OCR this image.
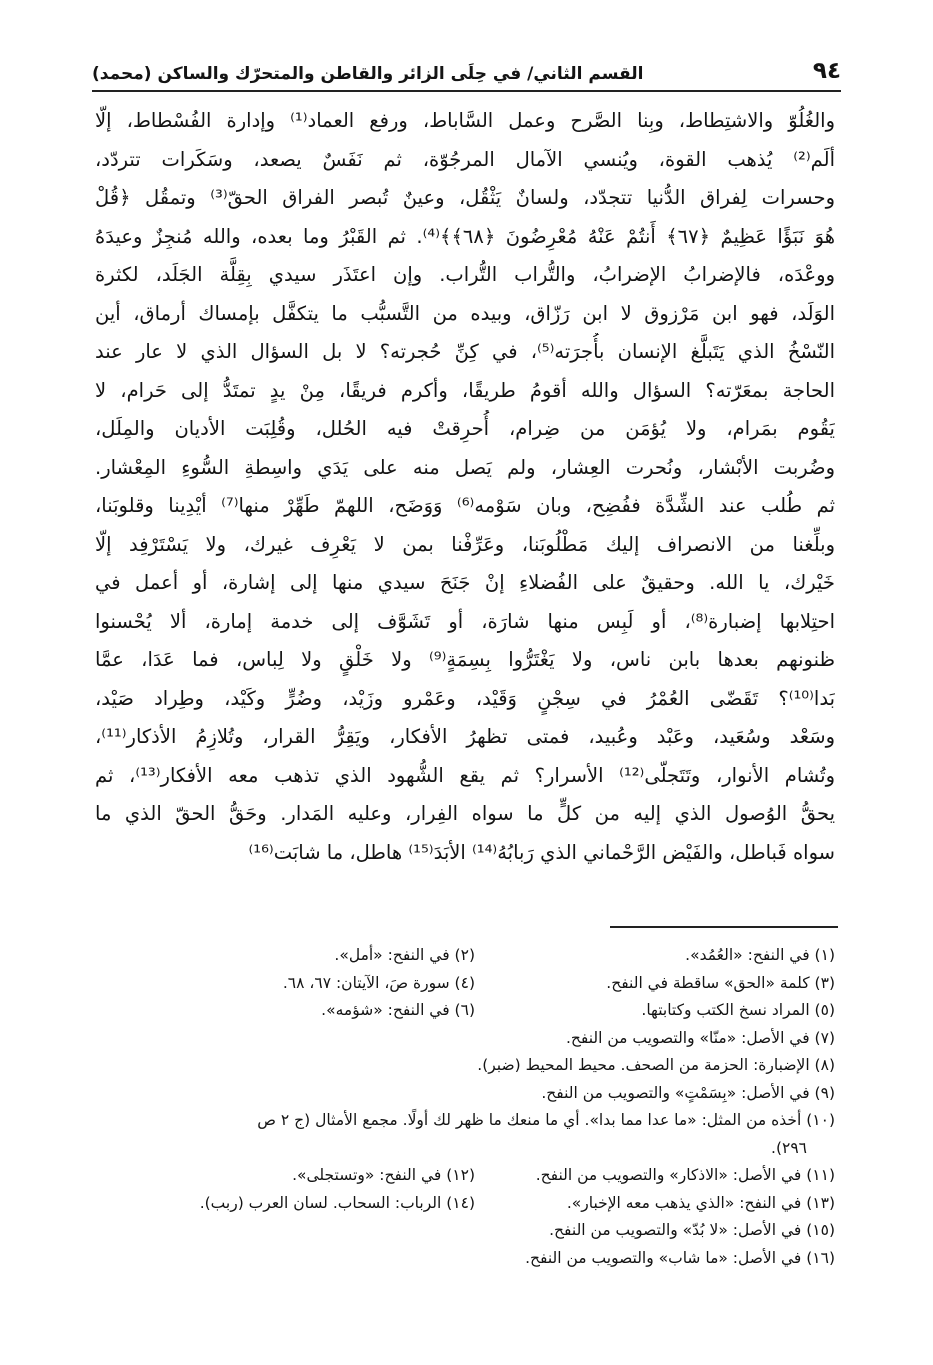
٩٤
القسم الثاني/ في حِلَى الزائر والقاطن والمتحرّك والساكن (محمد)
والغُلُوّ والاشتِطاط، وبِنا الصَّرح وعمل السَّاباط، ورفع العماد⁽¹⁾ وإدارة الفُسْطاط، إلّا
ألَم⁽²⁾ يُذهب القوة، ويُنسي الآمال المرجُوّة، ثم نَفَسٌ يصعد، وسَكَرات تتردّد،
وحسرات لِفراق الدُّنيا تتجدّد، ولسانٌ يَثْقُل، وعينٌ تُبصر الفراق الحقّ⁽³⁾ وتمقُل ﴿قُلْ
هُوَ نَبَؤًا عَظِيمٌ ﴿٦٧﴾ أَنتُمْ عَنْهُ مُعْرِضُونَ ﴿٦٨﴾﴾⁽⁴⁾. ثم القَبْرُ وما بعده، والله مُنجِزٌ وعيدَهُ
ووعْدَه، فالإضرابُ الإضرابُ، والتُّراب التُّراب. وإن اعتَذَر سيدي بِقِلَّة الجَلَد، لكثرة
الوَلَد، فهو ابن مَرْزوق لا ابن رَزّاق، وبيده من التَّسبُّب ما يتكفَّل بإمساك أرماق، أين
النّسْخُ الذي يَتَبلَّغ الإنسان بأُجرَته⁽⁵⁾، في كِنِّ حُجرته؟ لا بل السؤال الذي لا عار عند
الحاجة بمعَرّته؟ السؤال والله أقومُ طريقًا، وأكرم فريقًا، مِنْ يدٍ تمتَدُّ إلى حَرام، لا
يَقُوم بمَرام، ولا يُؤمَن من ضِرام، أُحرِقتْ فيه الحُلل، وقُلِبَت الأديان والمِلَل،
وضُربت الأبْشار، ونُحرت العِشار، ولم يَصل منه على يَدَي واسِطةِ السُّوءِ المِعْشار.
ثم طُلب عند الشِّدَّة ففُضِح، وبان سَوْمه⁽⁶⁾ وَوَضَح، اللهمّ طَهِّرْ منها⁽⁷⁾ أيْدِينا وقلوبَنا،
وبلِّغنا من الانصراف إليك مَطْلُوبَنا، وعَرِّفْنا بمن لا يَعْرِف غيرك، ولا يَسْتَرْفِد إلّا
خَيْرك، يا الله. وحقيقٌ على الفُضلاءِ إنْ جَنَحَ سيدي منها إلى إشارة، أو أعمل في
احتِلابها إضبارة⁽⁸⁾، أو لَبِس منها شارَة، أو تَشَوَّف إلى خدمة إمارة، ألا يُحْسنوا
ظنونهم بعدها بابن ناس، ولا يَغْتَرُّوا بِسِمَةٍ⁽⁹⁾ ولا خَلْقٍ ولا لِباس، فما عَدَا، عمَّا
بَدا⁽¹⁰⁾؟ تَقَضّى العُمْرُ في سِجْنٍ وَقَيْد، وعَمْرو وزَيْد، وضُرٍّ وكَيْد، وطِراد صَيْد،
وسَعْد وسُعَيد، وعَبْد وعُبيد، فمتى تظهرُ الأفكار، ويَقِرُّ القرار، وتُلازِمُ الأذكار⁽¹¹⁾،
وتُشام الأنوار، وتَتَجلّى⁽¹²⁾ الأسرار؟ ثم يقع الشُّهود الذي تذهب معه الأفكار⁽¹³⁾، ثم
يحقُّ الوُصول الذي إليه من كلٍّ ما سواه الفِرار، وعليه المَدار. وحَقُّ الحقّ الذي ما
سواه فَباطل، والفَيْض الرَّحْماني الذي رَبابُهُ⁽¹⁴⁾ الأبَدَ⁽¹⁵⁾ هاطل، ما شابَت⁽¹⁶⁾
(١) في النفح: «العُمُد».
(٢) في النفح: «أمل».
(٣) كلمة «الحق» ساقطة في النفح.
(٤) سورة صَ، الآيتان: ٦٧، ٦٨.
(٥) المراد نسخ الكتب وكتابتها.
(٦) في النفح: «شؤمه».
(٧) في الأصل: «منّا» والتصويب من النفح.
(٨) الإضبارة: الحزمة من الصحف. محيط المحيط (ضبر).
(٩) في الأصل: «بِسَمْتٍ» والتصويب من النفح.
(١٠) أخذه من المثل: «ما عدا مما بدا». أي ما منعك ما ظهر لك أولًا. مجمع الأمثال (ج ٢ ص
٢٩٦).
(١١) في الأصل: «الاذكار» والتصويب من النفح.
(١٢) في النفح: «وتستجلى».
(١٣) في النفح: «الذي يذهب معه الإخبار».
(١٤) الرباب: السحاب. لسان العرب (ربب).
(١٥) في الأصل: «لا بُدّ» والتصويب من النفح.
(١٦) في الأصل: «ما شاب» والتصويب من النفح.
